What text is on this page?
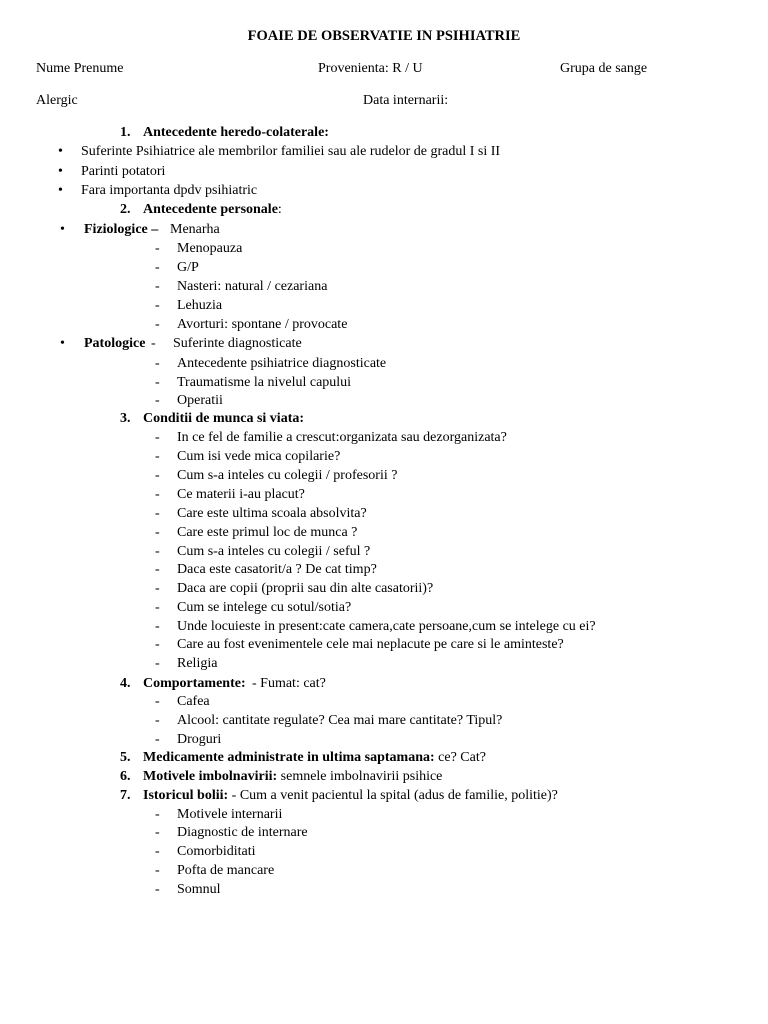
FOAIE DE OBSERVATIE IN PSIHIATRIE
Nume Prenume	Provenienta: R / U	Grupa de sange
Alergic	Data internarii:
1. Antecedente heredo-colaterale:
• Suferinte Psihiatrice ale membrilor familiei sau ale rudelor de gradul I si II
• Parinti potatori
• Fara importanta dpdv psihiatric
2. Antecedente personale:
• Fiziologice – Menarha
- Menopauza
- G/P
- Nasteri: natural / cezariana
- Lehuzia
- Avorturi: spontane / provocate
• Patologice - Suferinte diagnosticate
- Antecedente psihiatrice diagnosticate
- Traumatisme la nivelul capului
- Operatii
3. Conditii de munca si viata:
- In ce fel de familie a crescut:organizata sau dezorganizata?
- Cum isi vede mica copilarie?
- Cum s-a inteles cu colegii / profesorii ?
- Ce materii i-au placut?
- Care este ultima scoala absolvita?
- Care este primul loc de munca ?
- Cum s-a inteles cu colegii / seful ?
- Daca este casatorit/a ? De cat timp?
- Daca are copii (proprii sau din alte casatorii)?
- Cum se intelege cu sotul/sotia?
- Unde locuieste in present:cate camera,cate persoane,cum se intelege cu ei?
- Care au fost evenimentele cele mai neplacute pe care si le aminteste?
- Religia
4. Comportamente: - Fumat: cat?
- Cafea
- Alcool: cantitate regulate? Cea mai mare cantitate? Tipul?
- Droguri
5. Medicamente administrate in ultima saptamana: ce? Cat?
6. Motivele imbolnavirii: semnele imbolnavirii psihice
7. Istoricul bolii: - Cum a venit pacientul la spital (adus de familie, politie)?
- Motivele internarii
- Diagnostic de internare
- Comorbiditati
- Pofta de mancare
- Somnul
